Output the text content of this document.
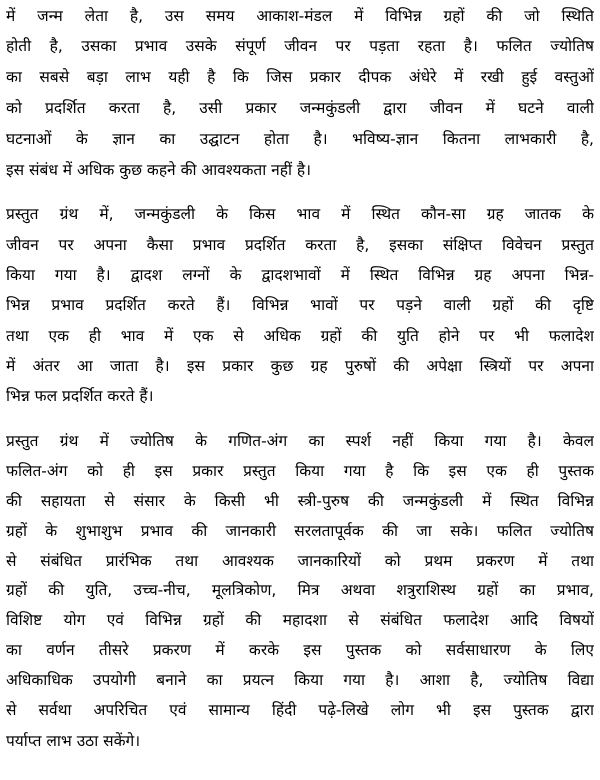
में जन्म लेता है, उस समय आकाश-मंडल में विभिन्न ग्रहों की जो स्थिति
होती है, उसका प्रभाव उसके संपूर्ण जीवन पर पड़ता रहता है। फलित ज्योतिष
का सबसे बड़ा लाभ यही है कि जिस प्रकार दीपक अंधेरे में रखी हुई वस्तुओं
को प्रदर्शित करता है, उसी प्रकार जन्मकुंडली द्वारा जीवन में घटने वाली
घटनाओं के ज्ञान का उद्घाटन होता है। भविष्य-ज्ञान कितना लाभकारी है,
इस संबंध में अधिक कुछ कहने की आवश्यकता नहीं है।
प्रस्तुत ग्रंथ में, जन्मकुंडली के किस भाव में स्थित कौन-सा ग्रह जातक के
जीवन पर अपना कैसा प्रभाव प्रदर्शित करता है, इसका संक्षिप्त विवेचन प्रस्तुत
किया गया है। द्वादश लग्नों के द्वादशभावों में स्थित विभिन्न ग्रह अपना भिन्न-
भिन्न प्रभाव प्रदर्शित करते हैं। विभिन्न भावों पर पड़ने वाली ग्रहों की दृष्टि
तथा एक ही भाव में एक से अधिक ग्रहों की युति होने पर भी फलादेश
में अंतर आ जाता है। इस प्रकार कुछ ग्रह पुरुषों की अपेक्षा स्त्रियों पर अपना
भिन्न फल प्रदर्शित करते हैं।
प्रस्तुत ग्रंथ में ज्योतिष के गणित-अंग का स्पर्श नहीं किया गया है। केवल
फलित-अंग को ही इस प्रकार प्रस्तुत किया गया है कि इस एक ही पुस्तक
की सहायता से संसार के किसी भी स्त्री-पुरुष की जन्मकुंडली में स्थित विभिन्न
ग्रहों के शुभाशुभ प्रभाव की जानकारी सरलतापूर्वक की जा सके। फलित ज्योतिष
से संबंधित प्रारंभिक तथा आवश्यक जानकारियों को प्रथम प्रकरण में तथा
ग्रहों की युति, उच्च-नीच, मूलत्रिकोण, मित्र अथवा शत्रुराशिस्थ ग्रहों का प्रभाव,
विशिष्ट योग एवं विभिन्न ग्रहों की महादशा से संबंधित फलादेश आदि विषयों
का वर्णन तीसरे प्रकरण में करके इस पुस्तक को सर्वसाधारण के लिए
अधिकाधिक उपयोगी बनाने का प्रयत्न किया गया है। आशा है, ज्योतिष विद्या
से सर्वथा अपरिचित एवं सामान्य हिंदी पढ़े-लिखे लोग भी इस पुस्तक द्वारा
पर्याप्त लाभ उठा सकेंगे।
